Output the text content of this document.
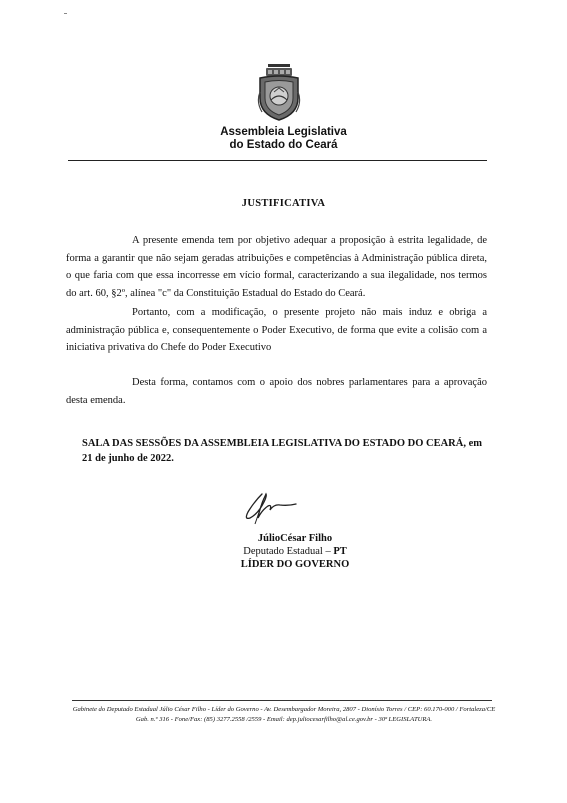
Assembleia Legislativa
do Estado do Ceará
JUSTIFICATIVA

A presente emenda tem por objetivo adequar a proposição à estrita legalidade, de forma a garantir que não sejam geradas atribuições e competências à Administração pública direta, o que faria com que essa incorresse em vício formal, caracterizando a sua ilegalidade, nos termos do art. 60, §2º, alínea "c" da Constituição Estadual do Estado do Ceará.

Portanto, com a modificação, o presente projeto não mais induz e obriga a administração pública e, consequentemente o Poder Executivo, de forma que evite a colisão com a iniciativa privativa do Chefe do Poder Executivo

Desta forma, contamos com o apoio dos nobres parlamentares para a aprovação desta emenda.

SALA DAS SESSÕES DA ASSEMBLEIA LEGISLATIVA DO ESTADO DO CEARÁ, em 21 de junho de 2022.

JúlioCésar Filho
Deputado Estadual – PT
LÍDER DO GOVERNO
Gabinete do Deputado Estadual Júlio César Filho - Líder do Governo - Av. Desembargador Moreira, 2807 - Dionísio Torres / CEP: 60.170-000 / Fortaleza/CE Gab. n.º 316 - Fone/Fax: (85) 3277.2558 /2559 - Email: dep.juliocesarfilho@al.ce.gov.br - 30ª LEGISLATURA.
